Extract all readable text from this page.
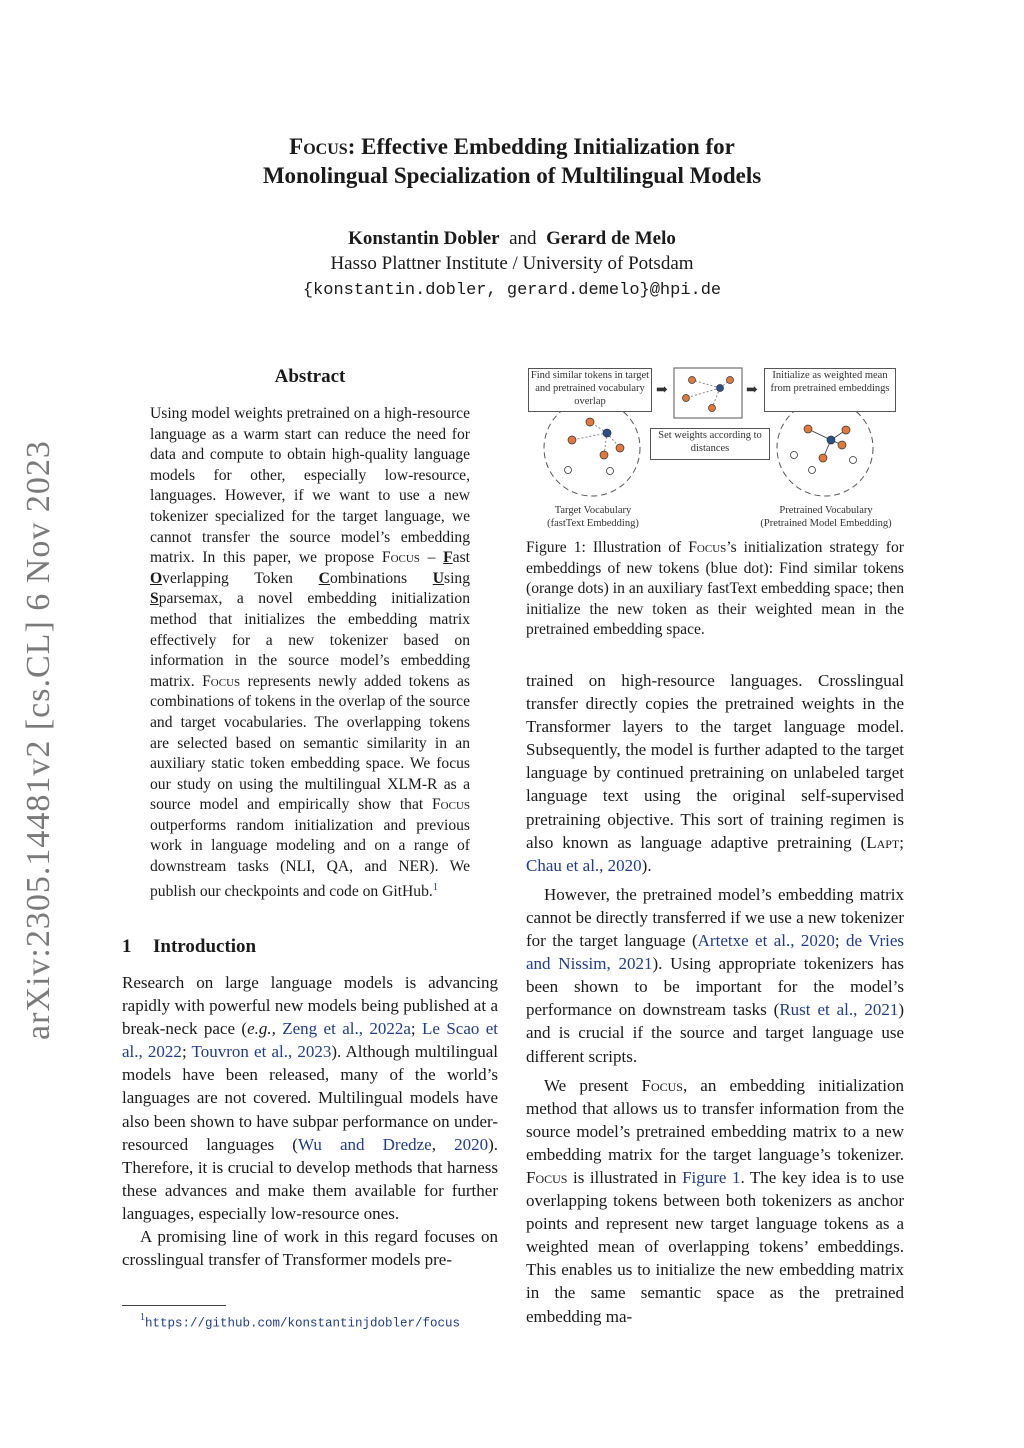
arXiv:2305.14481v2 [cs.CL] 6 Nov 2023
Focus: Effective Embedding Initialization for
Monolingual Specialization of Multilingual Models
Konstantin Dobler and Gerard de Melo
Hasso Plattner Institute / University of Potsdam
{konstantin.dobler, gerard.demelo}@hpi.de
Abstract

Using model weights pretrained on a high-resource language as a warm start can reduce the need for data and compute to obtain high-quality language models for other, especially low-resource, languages. However, if we want to use a new tokenizer specialized for the target language, we cannot transfer the source model’s embedding matrix. In this paper, we propose Focus – Fast Overlapping Token Combinations Using Sparsemax, a novel embedding initialization method that initializes the embedding matrix effectively for a new tokenizer based on information in the source model’s embedding matrix. Focus represents newly added tokens as combinations of tokens in the overlap of the source and target vocabularies. The overlapping tokens are selected based on semantic similarity in an auxiliary static token embedding space. We focus our study on using the multilingual XLM-R as a source model and empirically show that Focus outperforms random initialization and previous work in language modeling and on a range of downstream tasks (NLI, QA, and NER). We publish our checkpoints and code on GitHub.$^1$

1 Introduction

Research on large language models is advancing rapidly with powerful new models being published at a break-neck pace (e.g., Zeng et al., 2022a; Le Scao et al., 2022; Touvron et al., 2023). Although multilingual models have been released, many of the world’s languages are not covered. Multilingual models have also been shown to have subpar performance on under-resourced languages (Wu and Dredze, 2020). Therefore, it is crucial to develop methods that harness these advances and make them available for further languages, especially low-resource ones.

A promising line of work in this regard focuses on crosslingual transfer of Transformer models pre-

$^1$https://github.com/konstantinjdobler/focus
Find similar tokens in target and pretrained vocabulary overlap
➡	➡
Set weights according to distances
Initialize as weighted mean from pretrained embeddings
Target Vocabulary
(fastText Embedding)
Pretrained Vocabulary
(Pretrained Model Embedding)

Figure 1: Illustration of Focus’s initialization strategy for embeddings of new tokens (blue dot): Find similar tokens (orange dots) in an auxiliary fastText embedding space; then initialize the new token as their weighted mean in the pretrained embedding space.

trained on high-resource languages. Crosslingual transfer directly copies the pretrained weights in the Transformer layers to the target language model. Subsequently, the model is further adapted to the target language by continued pretraining on unlabeled target language text using the original self-supervised pretraining objective. This sort of training regimen is also known as language adaptive pretraining (Lapt; Chau et al., 2020).

However, the pretrained model’s embedding matrix cannot be directly transferred if we use a new tokenizer for the target language (Artetxe et al., 2020; de Vries and Nissim, 2021). Using appropriate tokenizers has been shown to be important for the model’s performance on downstream tasks (Rust et al., 2021) and is crucial if the source and target language use different scripts.

We present Focus, an embedding initialization method that allows us to transfer information from the source model’s pretrained embedding matrix to a new embedding matrix for the target language’s tokenizer. Focus is illustrated in Figure 1. The key idea is to use overlapping tokens between both tokenizers as anchor points and represent new target language tokens as a weighted mean of overlapping tokens’ embeddings. This enables us to initialize the new embedding matrix in the same semantic space as the pretrained embedding ma-
